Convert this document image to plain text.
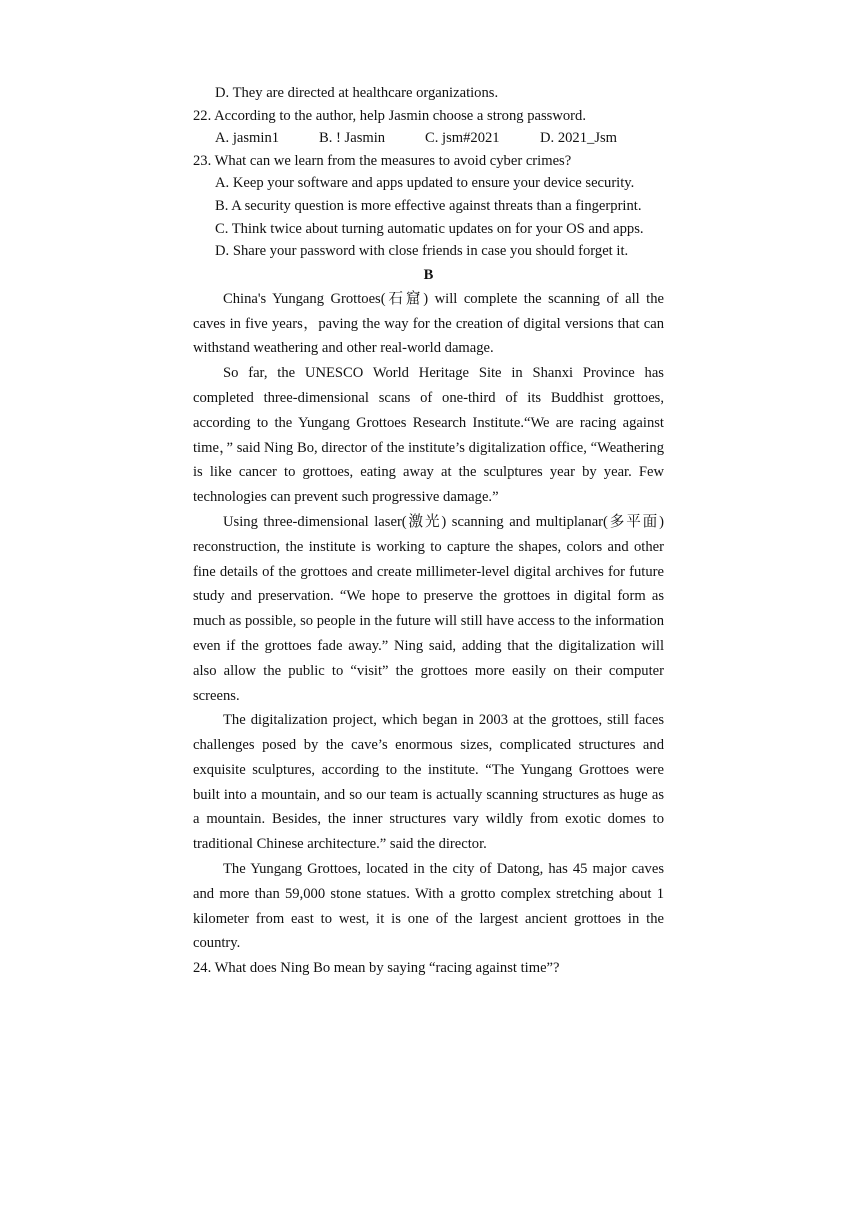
D. They are directed at healthcare organizations.
22. According to the author, help Jasmin choose a strong password.
A. jasmin1	B. ! Jasmin	C. jsm#2021	D. 2021_Jsm
23. What can we learn from the measures to avoid cyber crimes?
A. Keep your software and apps updated to ensure your device security.
B. A security question is more effective against threats than a fingerprint.
C. Think twice about turning automatic updates on for your OS and apps.
D. Share your password with close friends in case you should forget it.
B

China's Yungang Grottoes(石窟) will complete the scanning of all the caves in five years，paving the way for the creation of digital versions that can withstand weathering and other real-world damage.

So far, the UNESCO World Heritage Site in Shanxi Province has completed three-dimensional scans of one-third of its Buddhist grottoes, according to the Yungang Grottoes Research Institute.“We are racing against time，” said Ning Bo, director of the institute’s digitalization office, “Weathering is like cancer to grottoes, eating away at the sculptures year by year. Few technologies can prevent such progressive damage.”

Using three-dimensional laser(激光) scanning and multiplanar(多平面) reconstruction, the institute is working to capture the shapes, colors and other fine details of the grottoes and create millimeter-level digital archives for future study and preservation. “We hope to preserve the grottoes in digital form as much as possible, so people in the future will still have access to the information even if the grottoes fade away.” Ning said, adding that the digitalization will also allow the public to “visit” the grottoes more easily on their computer screens.

The digitalization project, which began in 2003 at the grottoes, still faces challenges posed by the cave’s enormous sizes, complicated structures and exquisite sculptures, according to the institute. “The Yungang Grottoes were built into a mountain, and so our team is actually scanning structures as huge as a mountain. Besides, the inner structures vary wildly from exotic domes to traditional Chinese architecture.” said the director.

The Yungang Grottoes, located in the city of Datong, has 45 major caves and more than 59,000 stone statues. With a grotto complex stretching about 1 kilometer from east to west, it is one of the largest ancient grottoes in the country.

24. What does Ning Bo mean by saying “racing against time”?
